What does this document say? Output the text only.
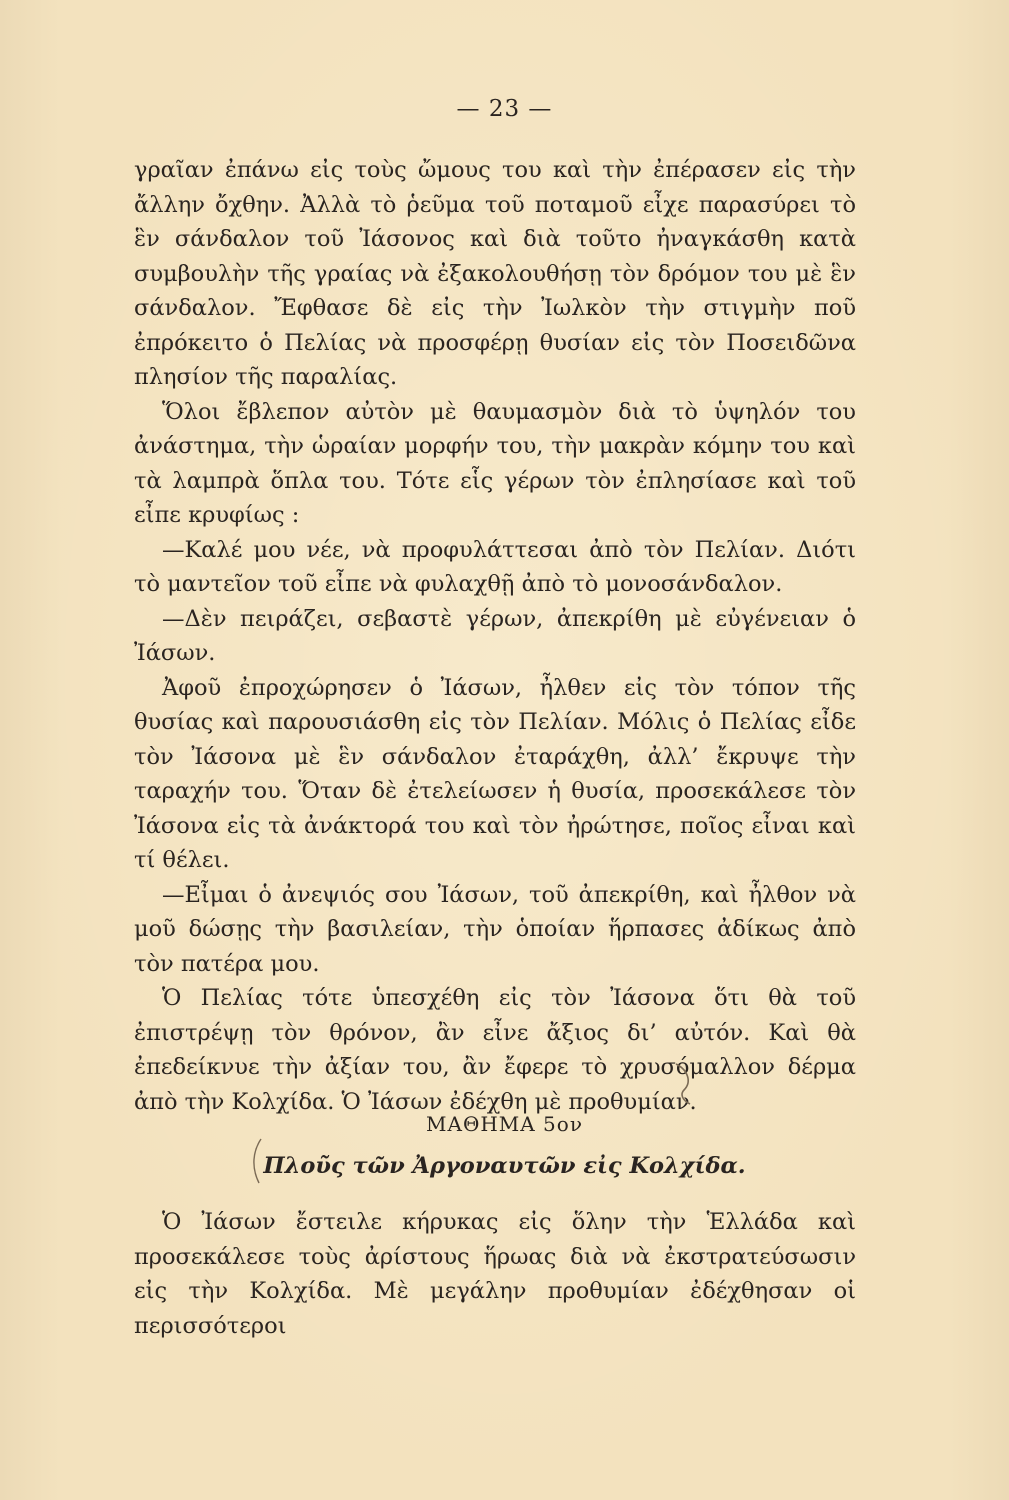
— 23 —

γραῖαν ἐπάνω εἰς τοὺς ὤμους του καὶ τὴν ἐπέρασεν εἰς τὴν ἄλλην ὄχθην. Ἀλλὰ τὸ ῥεῦμα τοῦ ποταμοῦ εἶχε παρασύρει τὸ ἓν σάνδαλον τοῦ Ἰάσονος καὶ διὰ τοῦτο ἠναγκάσθη κατὰ συμβουλὴν τῆς γραίας νὰ ἐξακολουθήσῃ τὸν δρόμον του μὲ ἓν σάνδαλον. Ἔφθασε δὲ εἰς τὴν Ἰωλκὸν τὴν στιγμὴν ποῦ ἐπρόκειτο ὁ Πελίας νὰ προσφέρῃ θυσίαν εἰς τὸν Ποσειδῶνα πλησίον τῆς παραλίας.

Ὅλοι ἔβλεπον αὐτὸν μὲ θαυμασμὸν διὰ τὸ ὑψηλόν του ἀνάστημα, τὴν ὡραίαν μορφήν του, τὴν μακρὰν κόμην του καὶ τὰ λαμπρὰ ὅπλα του. Τότε εἷς γέρων τὸν ἐπλησίασε καὶ τοῦ εἶπε κρυφίως :

—Καλέ μου νέε, νὰ προφυλάττεσαι ἀπὸ τὸν Πελίαν. Διότι τὸ μαντεῖον τοῦ εἶπε νὰ φυλαχθῇ ἀπὸ τὸ μονοσάνδαλον.

—Δὲν πειράζει, σεβαστὲ γέρων, ἀπεκρίθη μὲ εὐγένειαν ὁ Ἰάσων.

Ἀφοῦ ἐπροχώρησεν ὁ Ἰάσων, ἦλθεν εἰς τὸν τόπον τῆς θυσίας καὶ παρουσιάσθη εἰς τὸν Πελίαν. Μόλις ὁ Πελίας εἶδε τὸν Ἰάσονα μὲ ἓν σάνδαλον ἐταράχθη, ἀλλ’ ἔκρυψε τὴν ταραχήν του. Ὅταν δὲ ἐτελείωσεν ἡ θυσία, προσεκάλεσε τὸν Ἰάσονα εἰς τὰ ἀνάκτορά του καὶ τὸν ἠρώτησε, ποῖος εἶναι καὶ τί θέλει.

—Εἶμαι ὁ ἀνεψιός σου Ἰάσων, τοῦ ἀπεκρίθη, καὶ ἦλθον νὰ μοῦ δώσῃς τὴν βασιλείαν, τὴν ὁποίαν ἥρπασες ἀδίκως ἀπὸ τὸν πατέρα μου.

Ὁ Πελίας τότε ὑπεσχέθη εἰς τὸν Ἰάσονα ὅτι θὰ τοῦ ἐπιστρέψῃ τὸν θρόνον, ἂν εἶνε ἄξιος δι’ αὐτόν. Καὶ θὰ ἐπεδείκνυε τὴν ἀξίαν του, ἂν ἔφερε τὸ χρυσόμαλλον δέρμα ἀπὸ τὴν Κολχίδα. Ὁ Ἰάσων ἐδέχθη μὲ προθυμίαν.

ΜΑΘΗΜΑ 5ον
Πλοῦς τῶν Ἀργοναυτῶν εἰς Κολχίδα.

Ὁ Ἰάσων ἔστειλε κήρυκας εἰς ὅλην τὴν Ἑλλάδα καὶ προσεκάλεσε τοὺς ἀρίστους ἥρωας διὰ νὰ ἐκστρατεύσωσιν εἰς τὴν Κολχίδα. Μὲ μεγάλην προθυμίαν ἐδέχθησαν οἱ περισσότεροι
